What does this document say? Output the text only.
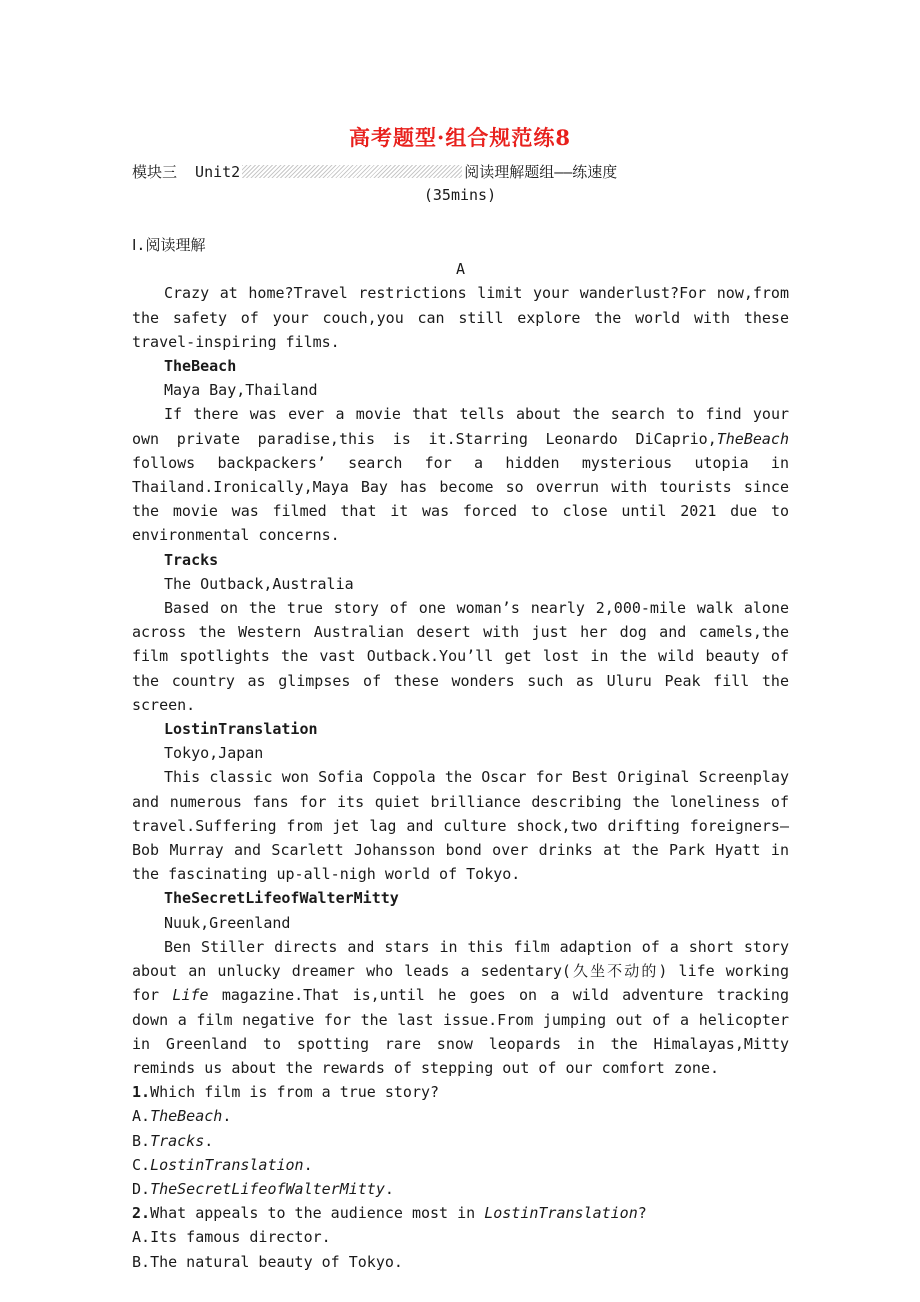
高考题型·组合规范练8
模块三  Unit2	阅读理解题组——练速度
(35mins)

Ⅰ.阅读理解

A

Crazy at home?Travel restrictions limit your wanderlust?For now,from the safety of your couch,you can still explore the world with these travel-inspiring films.

TheBeach

Maya Bay,Thailand

If there was ever a movie that tells about the search to find your own private paradise,this is it.Starring Leonardo DiCaprio,TheBeach follows backpackers’ search for a hidden mysterious utopia in Thailand.Ironically,Maya Bay has become so overrun with tourists since the movie was filmed that it was forced to close until 2021 due to environmental concerns.

Tracks

The Outback,Australia

Based on the true story of one woman’s nearly 2,000-mile walk alone across the Western Australian desert with just her dog and camels,the film spotlights the vast Outback.You’ll get lost in the wild beauty of the country as glimpses of these wonders such as Uluru Peak fill the screen.

LostinTranslation

Tokyo,Japan

This classic won Sofia Coppola the Oscar for Best Original Screenplay and numerous fans for its quiet brilliance describing the loneliness of travel.Suffering from jet lag and culture shock,two drifting foreigners—Bob Murray and Scarlett Johansson bond over drinks at the Park Hyatt in the fascinating up-all-nigh world of Tokyo.

TheSecretLifeofWalterMitty

Nuuk,Greenland

Ben Stiller directs and stars in this film adaption of a short story about an unlucky dreamer who leads a sedentary(久坐不动的) life working for Life magazine.That is,until he goes on a wild adventure tracking down a film negative for the last issue.From jumping out of a helicopter in Greenland to spotting rare snow leopards in the Himalayas,Mitty reminds us about the rewards of stepping out of our comfort zone.

1.Which film is from a true story?

A.TheBeach.

B.Tracks.

C.LostinTranslation.

D.TheSecretLifeofWalterMitty.

2.What appeals to the audience most in LostinTranslation?

A.Its famous director.

B.The natural beauty of Tokyo.
